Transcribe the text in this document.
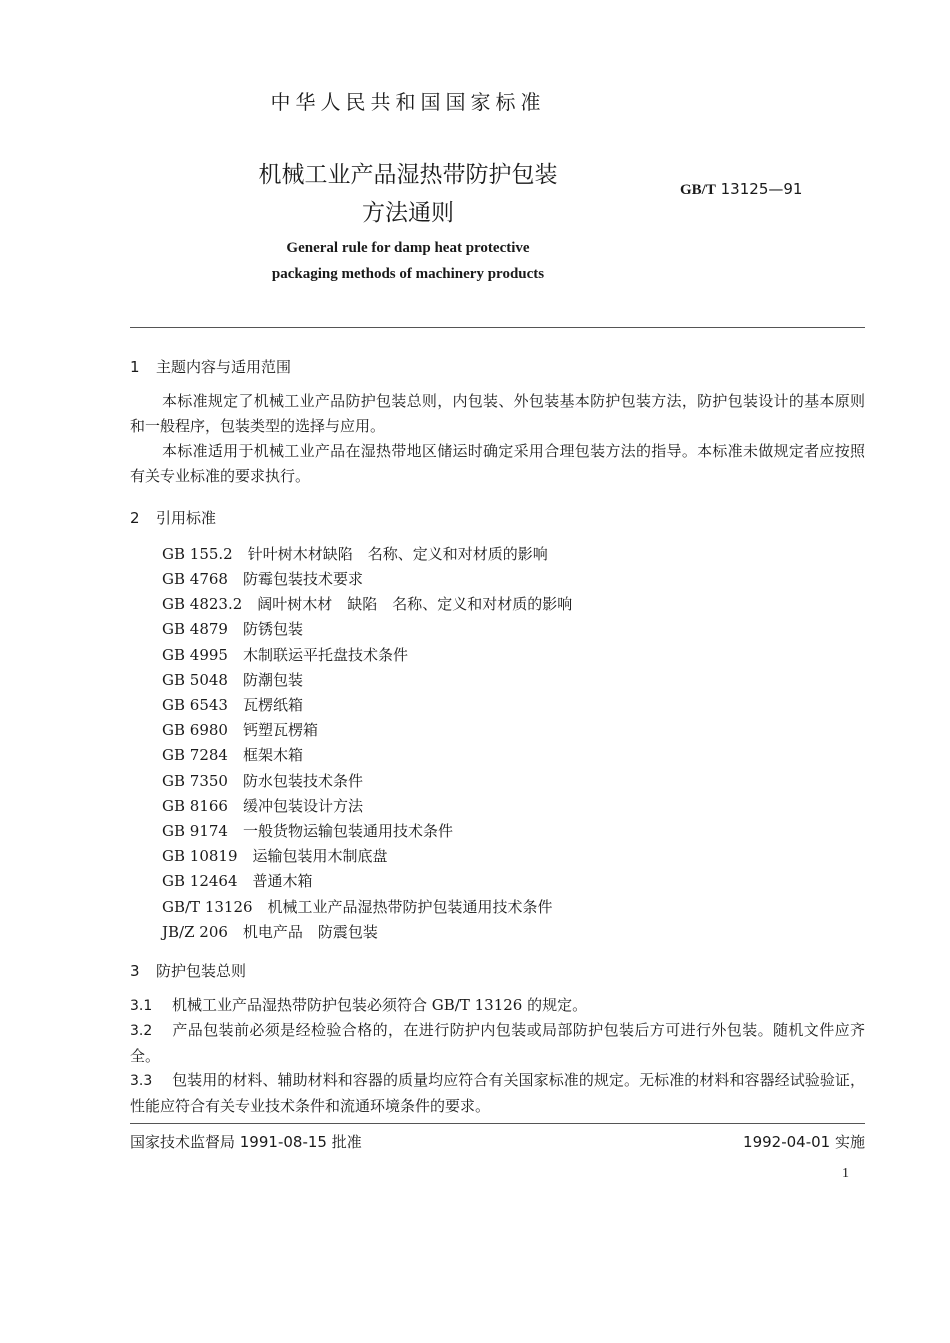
中华人民共和国国家标准
机械工业产品湿热带防护包装
方法通则
GB/T 13125—91
General rule for damp heat protective
packaging methods of machinery products
1 主题内容与适用范围
本标准规定了机械工业产品防护包装总则，内包装、外包装基本防护包装方法，防护包装设计的基本原则和一般程序，包装类型的选择与应用。
本标准适用于机械工业产品在湿热带地区储运时确定采用合理包装方法的指导。本标准未做规定者应按照有关专业标准的要求执行。
2 引用标准
GB 155.2　针叶树木材缺陷　名称、定义和对材质的影响
GB 4768　防霉包装技术要求
GB 4823.2　阔叶树木材　缺陷　名称、定义和对材质的影响
GB 4879　防锈包装
GB 4995　木制联运平托盘技术条件
GB 5048　防潮包装
GB 6543　瓦楞纸箱
GB 6980　钙塑瓦楞箱
GB 7284　框架木箱
GB 7350　防水包装技术条件
GB 8166　缓冲包装设计方法
GB 9174　一般货物运输包装通用技术条件
GB 10819　运输包装用木制底盘
GB 12464　普通木箱
GB/T 13126　机械工业产品湿热带防护包装通用技术条件
JB/Z 206　机电产品　防震包装
3 防护包装总则
3.1 机械工业产品湿热带防护包装必须符合 GB/T 13126 的规定。
3.2 产品包装前必须是经检验合格的，在进行防护内包装或局部防护包装后方可进行外包装。随机文件应齐全。
3.3 包装用的材料、辅助材料和容器的质量均应符合有关国家标准的规定。无标准的材料和容器经试验验证，性能应符合有关专业技术条件和流通环境条件的要求。
国家技术监督局 1991-08-15 批准	1992-04-01 实施
1
